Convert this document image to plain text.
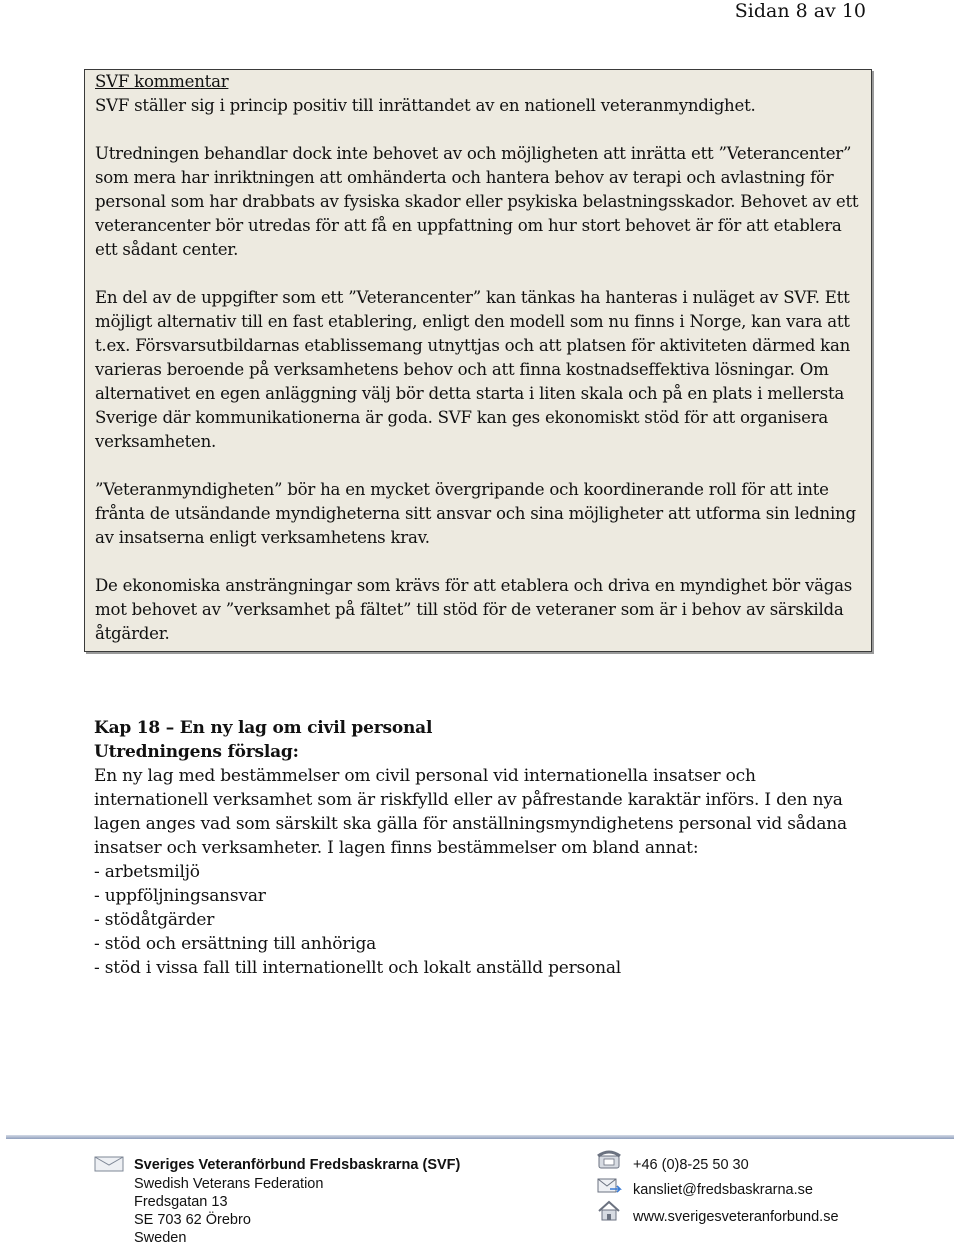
Sidan 8 av 10

SVF kommentar

SVF ställer sig i princip positiv till inrättandet av en nationell veteranmyndighet.

Utredningen behandlar dock inte behovet av och möjligheten att inrätta ett ”Veterancenter” som mera har inriktningen att omhänderta och hantera behov av terapi och avlastning för personal som har drabbats av fysiska skador eller psykiska belastningsskador. Behovet av ett veterancenter bör utredas för att få en uppfattning om hur stort behovet är för att etablera ett sådant center.

En del av de uppgifter som ett ”Veterancenter” kan tänkas ha hanteras i nuläget av SVF. Ett möjligt alternativ till en fast etablering, enligt den modell som nu finns i Norge, kan vara att t.ex. Försvarsutbildarnas etablissemang utnyttjas och att platsen för aktiviteten därmed kan varieras beroende på verksamhetens behov och att finna kostnadseffektiva lösningar. Om alternativet en egen anläggning välj bör detta starta i liten skala och på en plats i mellersta Sverige där kommunikationerna är goda. SVF kan ges ekonomiskt stöd för att organisera verksamheten.

”Veteranmyndigheten” bör ha en mycket övergripande och koordinerande roll för att inte frånta de utsändande myndigheterna sitt ansvar och sina möjligheter att utforma sin ledning av insatserna enligt verksamhetens krav.

De ekonomiska ansträngningar som krävs för att etablera och driva en myndighet bör vägas mot behovet av ”verksamhet på fältet” till stöd för de veteraner som är i behov av särskilda åtgärder.

Kap 18 – En ny lag om civil personal
Utredningens förslag:

En ny lag med bestämmelser om civil personal vid internationella insatser och internationell verksamhet som är riskfylld eller av påfrestande karaktär införs. I den nya lagen anges vad som särskilt ska gälla för anställningsmyndighetens personal vid sådana insatser och verksamheter. I lagen finns bestämmelser om bland annat:

- arbetsmiljö
- uppföljningsansvar
- stödåtgärder
- stöd och ersättning till anhöriga
- stöd i vissa fall till internationellt och lokalt anställd personal
Sveriges Veteranförbund Fredsbaskrarna (SVF)
Swedish Veterans Federation
Fredsgatan 13
SE 703 62 Örebro
Sweden
+46 (0)8-25 50 30
kansliet@fredsbaskrarna.se
www.sverigesveteranforbund.se
